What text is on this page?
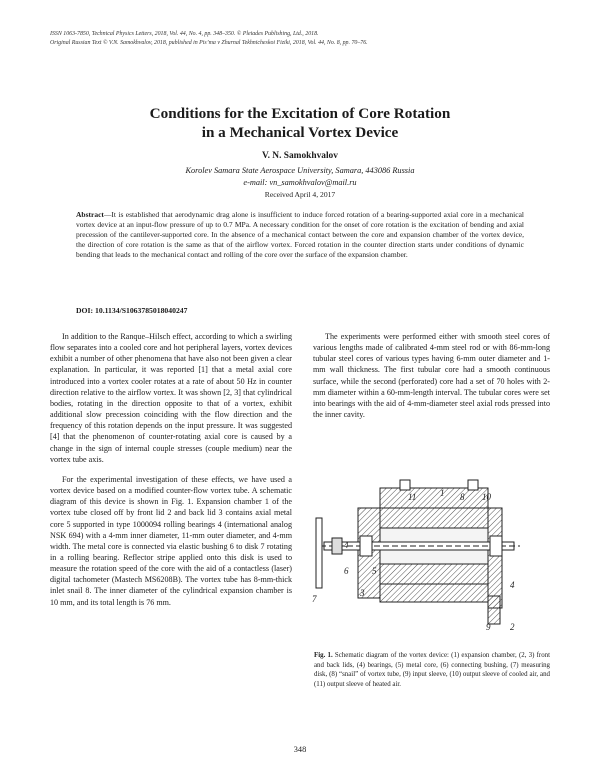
ISSN 1063-7850, Technical Physics Letters, 2018, Vol. 44, No. 4, pp. 348–350. © Pleiades Publishing, Ltd., 2018.
Original Russian Text © V.N. Samokhvalov, 2018, published in Pis’ma v Zhurnal Tekhnicheskoi Fiziki, 2018, Vol. 44, No. 8, pp. 70–76.
Conditions for the Excitation of Core Rotation
in a Mechanical Vortex Device
V. N. Samokhvalov
Korolev Samara State Aerospace University, Samara, 443086 Russia
e-mail: vn_samokhvalov@mail.ru
Received April 4, 2017
Abstract—It is established that aerodynamic drag alone is insufficient to induce forced rotation of a bearing-supported axial core in a mechanical vortex device at an input-flow pressure of up to 0.7 MPa. A necessary condition for the onset of core rotation is the excitation of bending and axial precession of the cantilever-supported core. In the absence of a mechanical contact between the core and expansion chamber of the vortex device, the direction of core rotation is the same as that of the airflow vortex. Forced rotation in the counter direction starts under conditions of dynamic bending that leads to the mechanical contact and rolling of the core over the surface of the expansion chamber.
DOI: 10.1134/S1063785018040247

In addition to the Ranque–Hilsch effect, according to which a swirling flow separates into a cooled core and hot peripheral layers, vortex devices exhibit a number of other phenomena that have also not been given a clear explanation. In particular, it was reported [1] that a metal axial core introduced into a vortex cooler rotates at a rate of about 50 Hz in counter direction relative to the airflow vortex. It was shown [2, 3] that cylindrical bodies, rotating in the direction opposite to that of a vortex, exhibit additional slow precession coinciding with the flow direction and the frequency of this rotation depends on the input pressure. It was suggested [4] that the phenomenon of counter-rotating axial core is caused by a change in the sign of internal couple stresses (couple medium) near the vortex tube axis.

For the experimental investigation of these effects, we have used a vortex device based on a modified counter-flow vortex tube. A schematic diagram of this device is shown in Fig. 1. Expansion chamber 1 of the vortex tube closed off by front lid 2 and back lid 3 contains axial metal core 5 supported in type 1000094 rolling bearings 4 (international analog NSK 694) with a 4-mm inner diameter, 11-mm outer diameter, and 4-mm width. The metal core is connected via elastic bushing 6 to disk 7 rotating in a rolling bearing. Reflector stripe applied onto this disk is used to measure the rotation speed of the core with the aid of a contactless (laser) digital tachometer (Mastech MS6208B). The vortex tube has 8-mm-thick inlet snail 8. The inner diameter of the cylindrical expansion chamber is 10 mm, and its total length is 76 mm.

The experiments were performed either with smooth steel cores of various lengths made of calibrated 4-mm steel rod or with 86-mm-long tubular steel cores of various types having 6-mm outer diameter and 1-mm wall thickness. The first tubular core had a smooth continuous surface, while the second (perforated) core had a set of 70 holes with 2-mm diameter within a 60-mm-length interval. The tubular cores were set into bearings with the aid of 4-mm-diameter steel axial rods pressed into the inner cavity.

11	1 8 10
4
5
6
3
7
4
9 2
Fig. 1. Schematic diagram of the vortex device: (1) expansion chamber, (2, 3) front and back lids, (4) bearings, (5) metal core, (6) connecting bushing, (7) measuring disk, (8) “snail” of vortex tube, (9) input sleeve, (10) output sleeve of cooled air, and (11) output sleeve of heated air.
348
